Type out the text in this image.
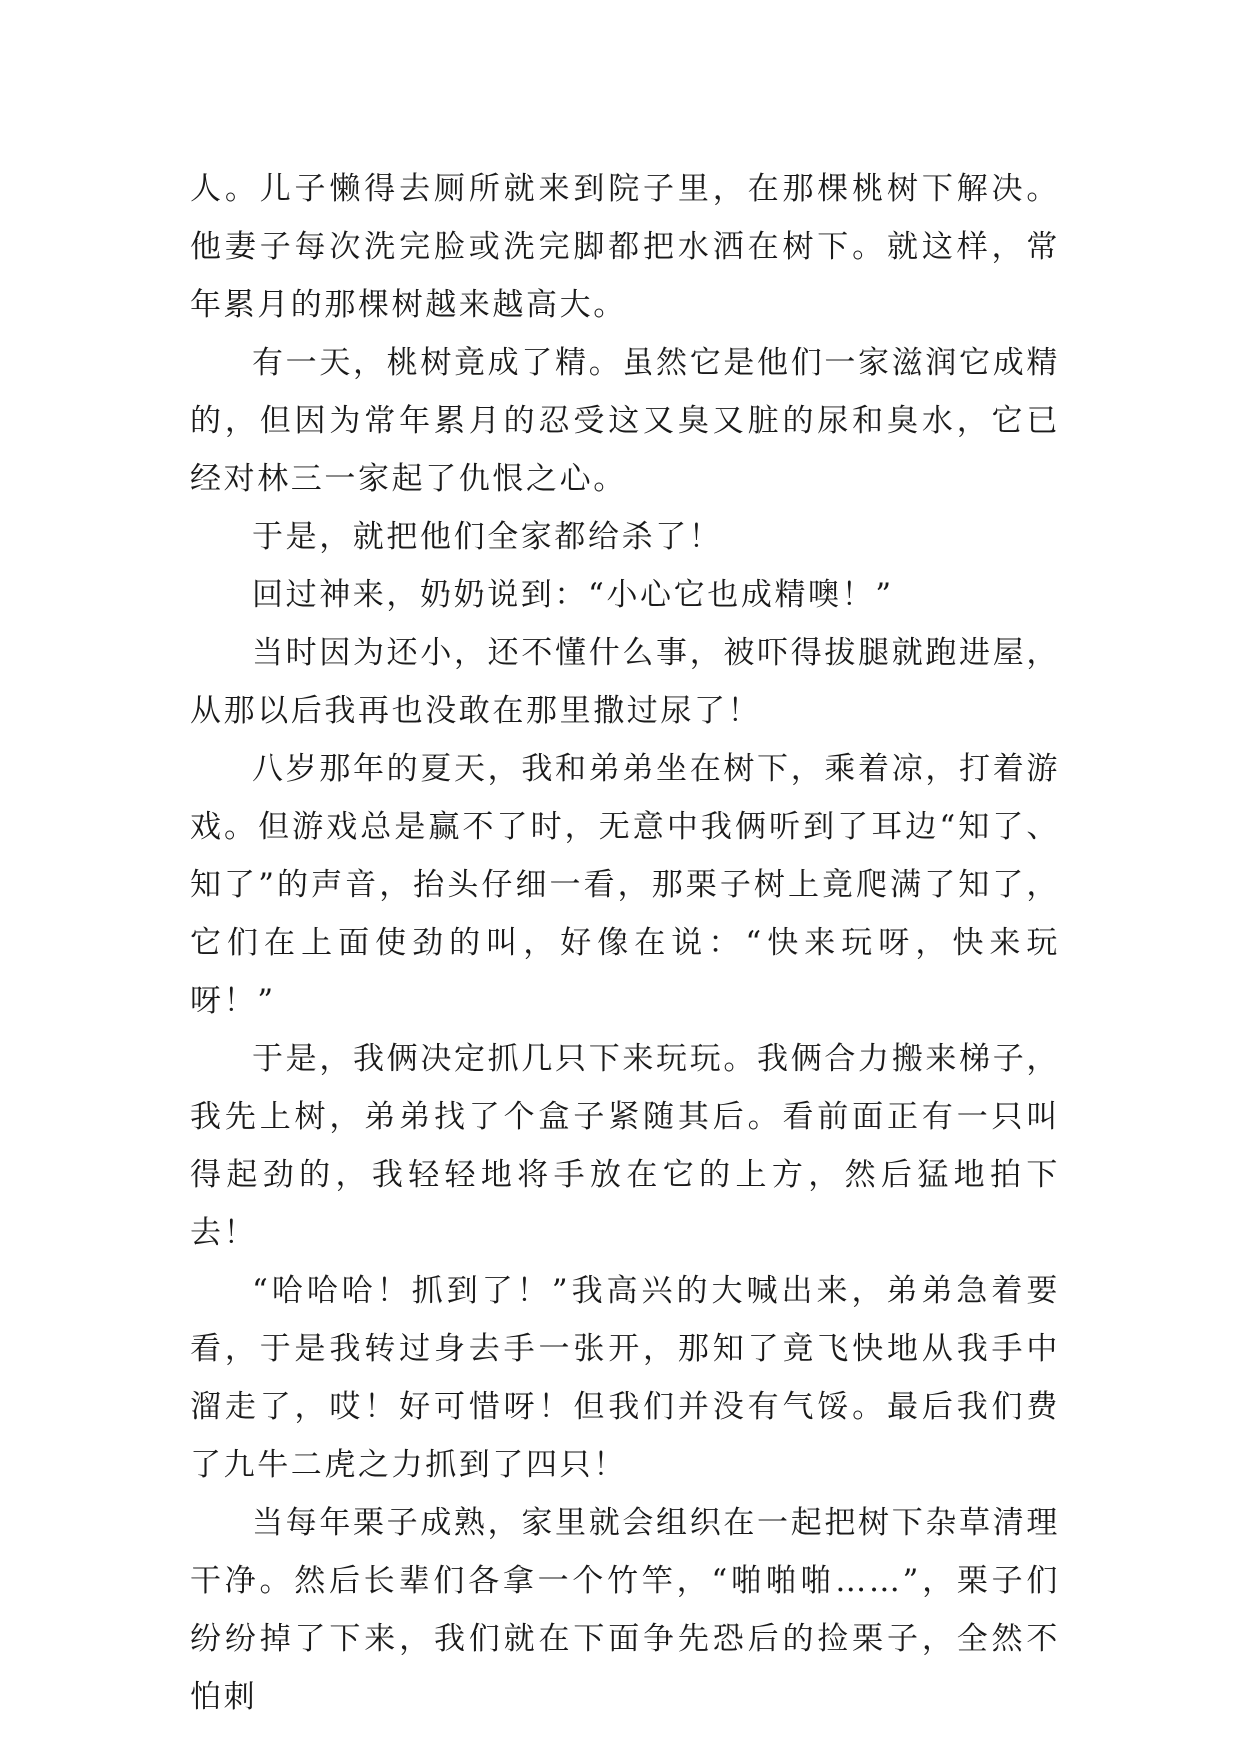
人。儿子懒得去厕所就来到院子里，在那棵桃树下解决。他妻子每次洗完脸或洗完脚都把水洒在树下。就这样，常年累月的那棵树越来越高大。

有一天，桃树竟成了精。虽然它是他们一家滋润它成精的，但因为常年累月的忍受这又臭又脏的尿和臭水，它已经对林三一家起了仇恨之心。

于是，就把他们全家都给杀了！

回过神来，奶奶说到：“小心它也成精噢！”

当时因为还小，还不懂什么事，被吓得拔腿就跑进屋，从那以后我再也没敢在那里撒过尿了！

八岁那年的夏天，我和弟弟坐在树下，乘着凉，打着游戏。但游戏总是赢不了时，无意中我俩听到了耳边“知了、知了”的声音，抬头仔细一看，那栗子树上竟爬满了知了，它们在上面使劲的叫，好像在说：“快来玩呀，快来玩呀！”

于是，我俩决定抓几只下来玩玩。我俩合力搬来梯子，我先上树，弟弟找了个盒子紧随其后。看前面正有一只叫得起劲的，我轻轻地将手放在它的上方，然后猛地拍下去！

“哈哈哈！抓到了！”我高兴的大喊出来，弟弟急着要看，于是我转过身去手一张开，那知了竟飞快地从我手中溜走了，哎！好可惜呀！但我们并没有气馁。最后我们费了九牛二虎之力抓到了四只！

当每年栗子成熟，家里就会组织在一起把树下杂草清理干净。然后长辈们各拿一个竹竿，“啪啪啪……”，栗子们纷纷掉了下来，我们就在下面争先恐后的捡栗子，全然不怕刺
